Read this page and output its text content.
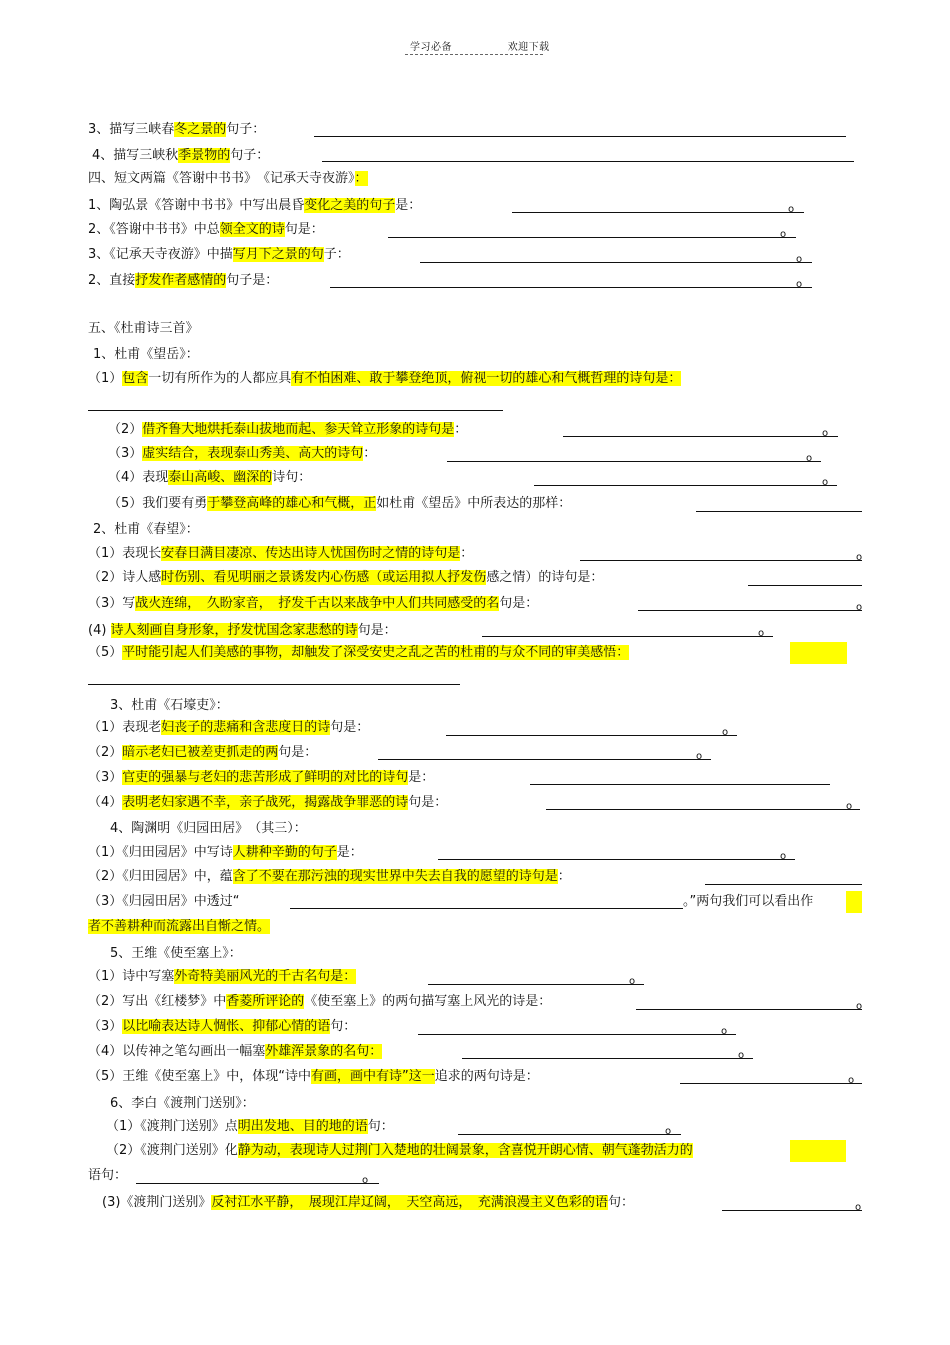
学习必备	欢迎下载
3、描写三峡春冬之景的句子：
4、描写三峡秋季景物的句子：
四、短文两篇《答谢中书书》　《记承天寺夜游》：
1、陶弘景《答谢中书书》中写出晨昏变化之美的句子是：
2、《答谢中书书》中总领全文的诗句是：
3、《记承天寺夜游》中描写月下之景的句子：
2、直接抒发作者感情的句子是：
五、《杜甫诗三首》
1、杜甫《望岳》：
（1）包含一切有所作为的人都应具有不怕困难、敢于攀登绝顶，俯视一切的雄心和气概哲理的诗句是：
（2）借齐鲁大地烘托泰山拔地而起、参天耸立形象的诗句是：
（3）虚实结合，表现泰山秀美、高大的诗句：
（4）表现泰山高峻、幽深的诗句：
（5）我们要有勇于攀登高峰的雄心和气概，正如杜甫《望岳》中所表达的那样：
2、杜甫《春望》：
（1）表现长安春日满目凄凉、传达出诗人忧国伤时之情的诗句是：
（2）诗人感时伤别、看见明丽之景诱发内心伤感（或运用拟人抒发伤感之情）的诗句是：
（3）写战火连绵，　久盼家音，　抒发千古以来战争中人们共同感受的名句是：
(4) 诗人刻画自身形象，抒发忧国念家悲愁的诗句是：
（5）平时能引起人们美感的事物，却触发了深受安史之乱之苦的杜甫的与众不同的审美感悟：
3、杜甫《石壕吏》：
（1）表现老妇丧子的悲痛和含悲度日的诗句是：
（2）暗示老妇已被差吏抓走的两句是：
（3）官吏的强暴与老妇的悲苦形成了鲜明的对比的诗句是：
（4）表明老妇家遇不幸，亲子战死，揭露战争罪恶的诗句是：
4、陶渊明《归园田居》　（其三）：
（1）《归田园居》中写诗人耕种辛勤的句子是：
（2）《归田园居》中，蕴含了不要在那污浊的现实世界中失去自我的愿望的诗句是：
（3）《归园田居》中透过“	。”两句我们可以看出作
者不善耕种而流露出自惭之情。
5、王维《使至塞上》：
（1）诗中写塞外奇特美丽风光的千古名句是：
（2）写出《红楼梦》中香菱所评论的《使至塞上》的两句描写塞上风光的诗是：
（3）以比喻表达诗人惆怅、抑郁心情的语句：
（4）以传神之笔勾画出一幅塞外雄浑景象的名句：
（5）王维《使至塞上》中，体现“诗中有画，画中有诗”这一追求的两句诗是：
6、李白《渡荆门送别》：
（1）《渡荆门送别》点明出发地、目的地的语句：
（2）《渡荆门送别》化静为动，表现诗人过荆门入楚地的壮阔景象，含喜悦开朗心情、朝气蓬勃活力的
语句：
(3)《渡荆门送别》反衬江水平静，　展现江岸辽阔，　天空高远，　充满浪漫主义色彩的语句：
o
o
o
o
o
o
o
o
o
o
o
o
o
o
o
o
o
o
o
o
o
o
